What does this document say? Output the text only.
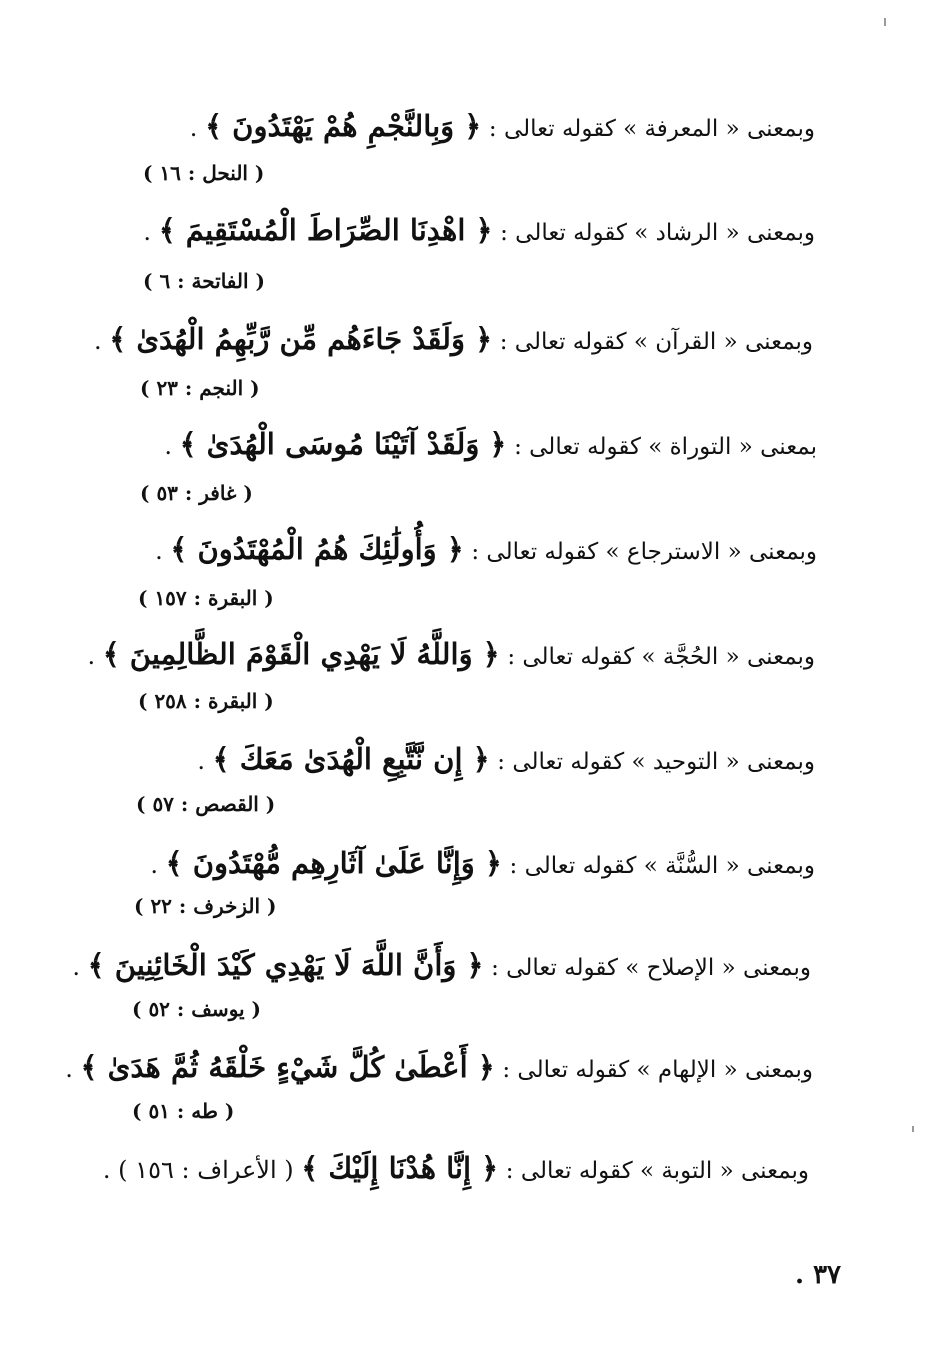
وبمعنى « المعرفة » كقوله تعالى : ﴿ وَبِالنَّجْمِ هُمْ يَهْتَدُونَ ﴾ .
( النحل : ١٦ )
وبمعنى « الرشاد » كقوله تعالى : ﴿ اهْدِنَا الصِّرَاطَ الْمُسْتَقِيمَ ﴾ .
( الفاتحة : ٦ )
وبمعنى « القرآن » كقوله تعالى : ﴿ وَلَقَدْ جَاءَهُم مِّن رَّبِّهِمُ الْهُدَىٰ ﴾ .
( النجم : ٢٣ )
بمعنى « التوراة » كقوله تعالى : ﴿ وَلَقَدْ آتَيْنَا مُوسَى الْهُدَىٰ ﴾ .
( غافر : ٥٣ )
وبمعنى « الاسترجاع » كقوله تعالى : ﴿ وَأُولَٰئِكَ هُمُ الْمُهْتَدُونَ ﴾ .
( البقرة : ١٥٧ )
وبمعنى « الحُجَّة » كقوله تعالى : ﴿ وَاللَّهُ لَا يَهْدِي الْقَوْمَ الظَّالِمِينَ ﴾ .
( البقرة : ٢٥٨ )
وبمعنى « التوحيد » كقوله تعالى : ﴿ إِن نَّتَّبِعِ الْهُدَىٰ مَعَكَ ﴾ .
( القصص : ٥٧ )
وبمعنى « السُّنَّة » كقوله تعالى : ﴿ وَإِنَّا عَلَىٰ آثَارِهِم مُّهْتَدُونَ ﴾ .
( الزخرف : ٢٢ )
وبمعنى « الإصلاح » كقوله تعالى : ﴿ وَأَنَّ اللَّهَ لَا يَهْدِي كَيْدَ الْخَائِنِينَ ﴾ .
( يوسف : ٥٢ )
وبمعنى « الإلهام » كقوله تعالى : ﴿ أَعْطَىٰ كُلَّ شَيْءٍ خَلْقَهُ ثُمَّ هَدَىٰ ﴾ .
( طه : ٥١ )
وبمعنى « التوبة » كقوله تعالى : ﴿ إِنَّا هُدْنَا إِلَيْكَ ﴾ ( الأعراف : ١٥٦ ) .
٣٧ .
